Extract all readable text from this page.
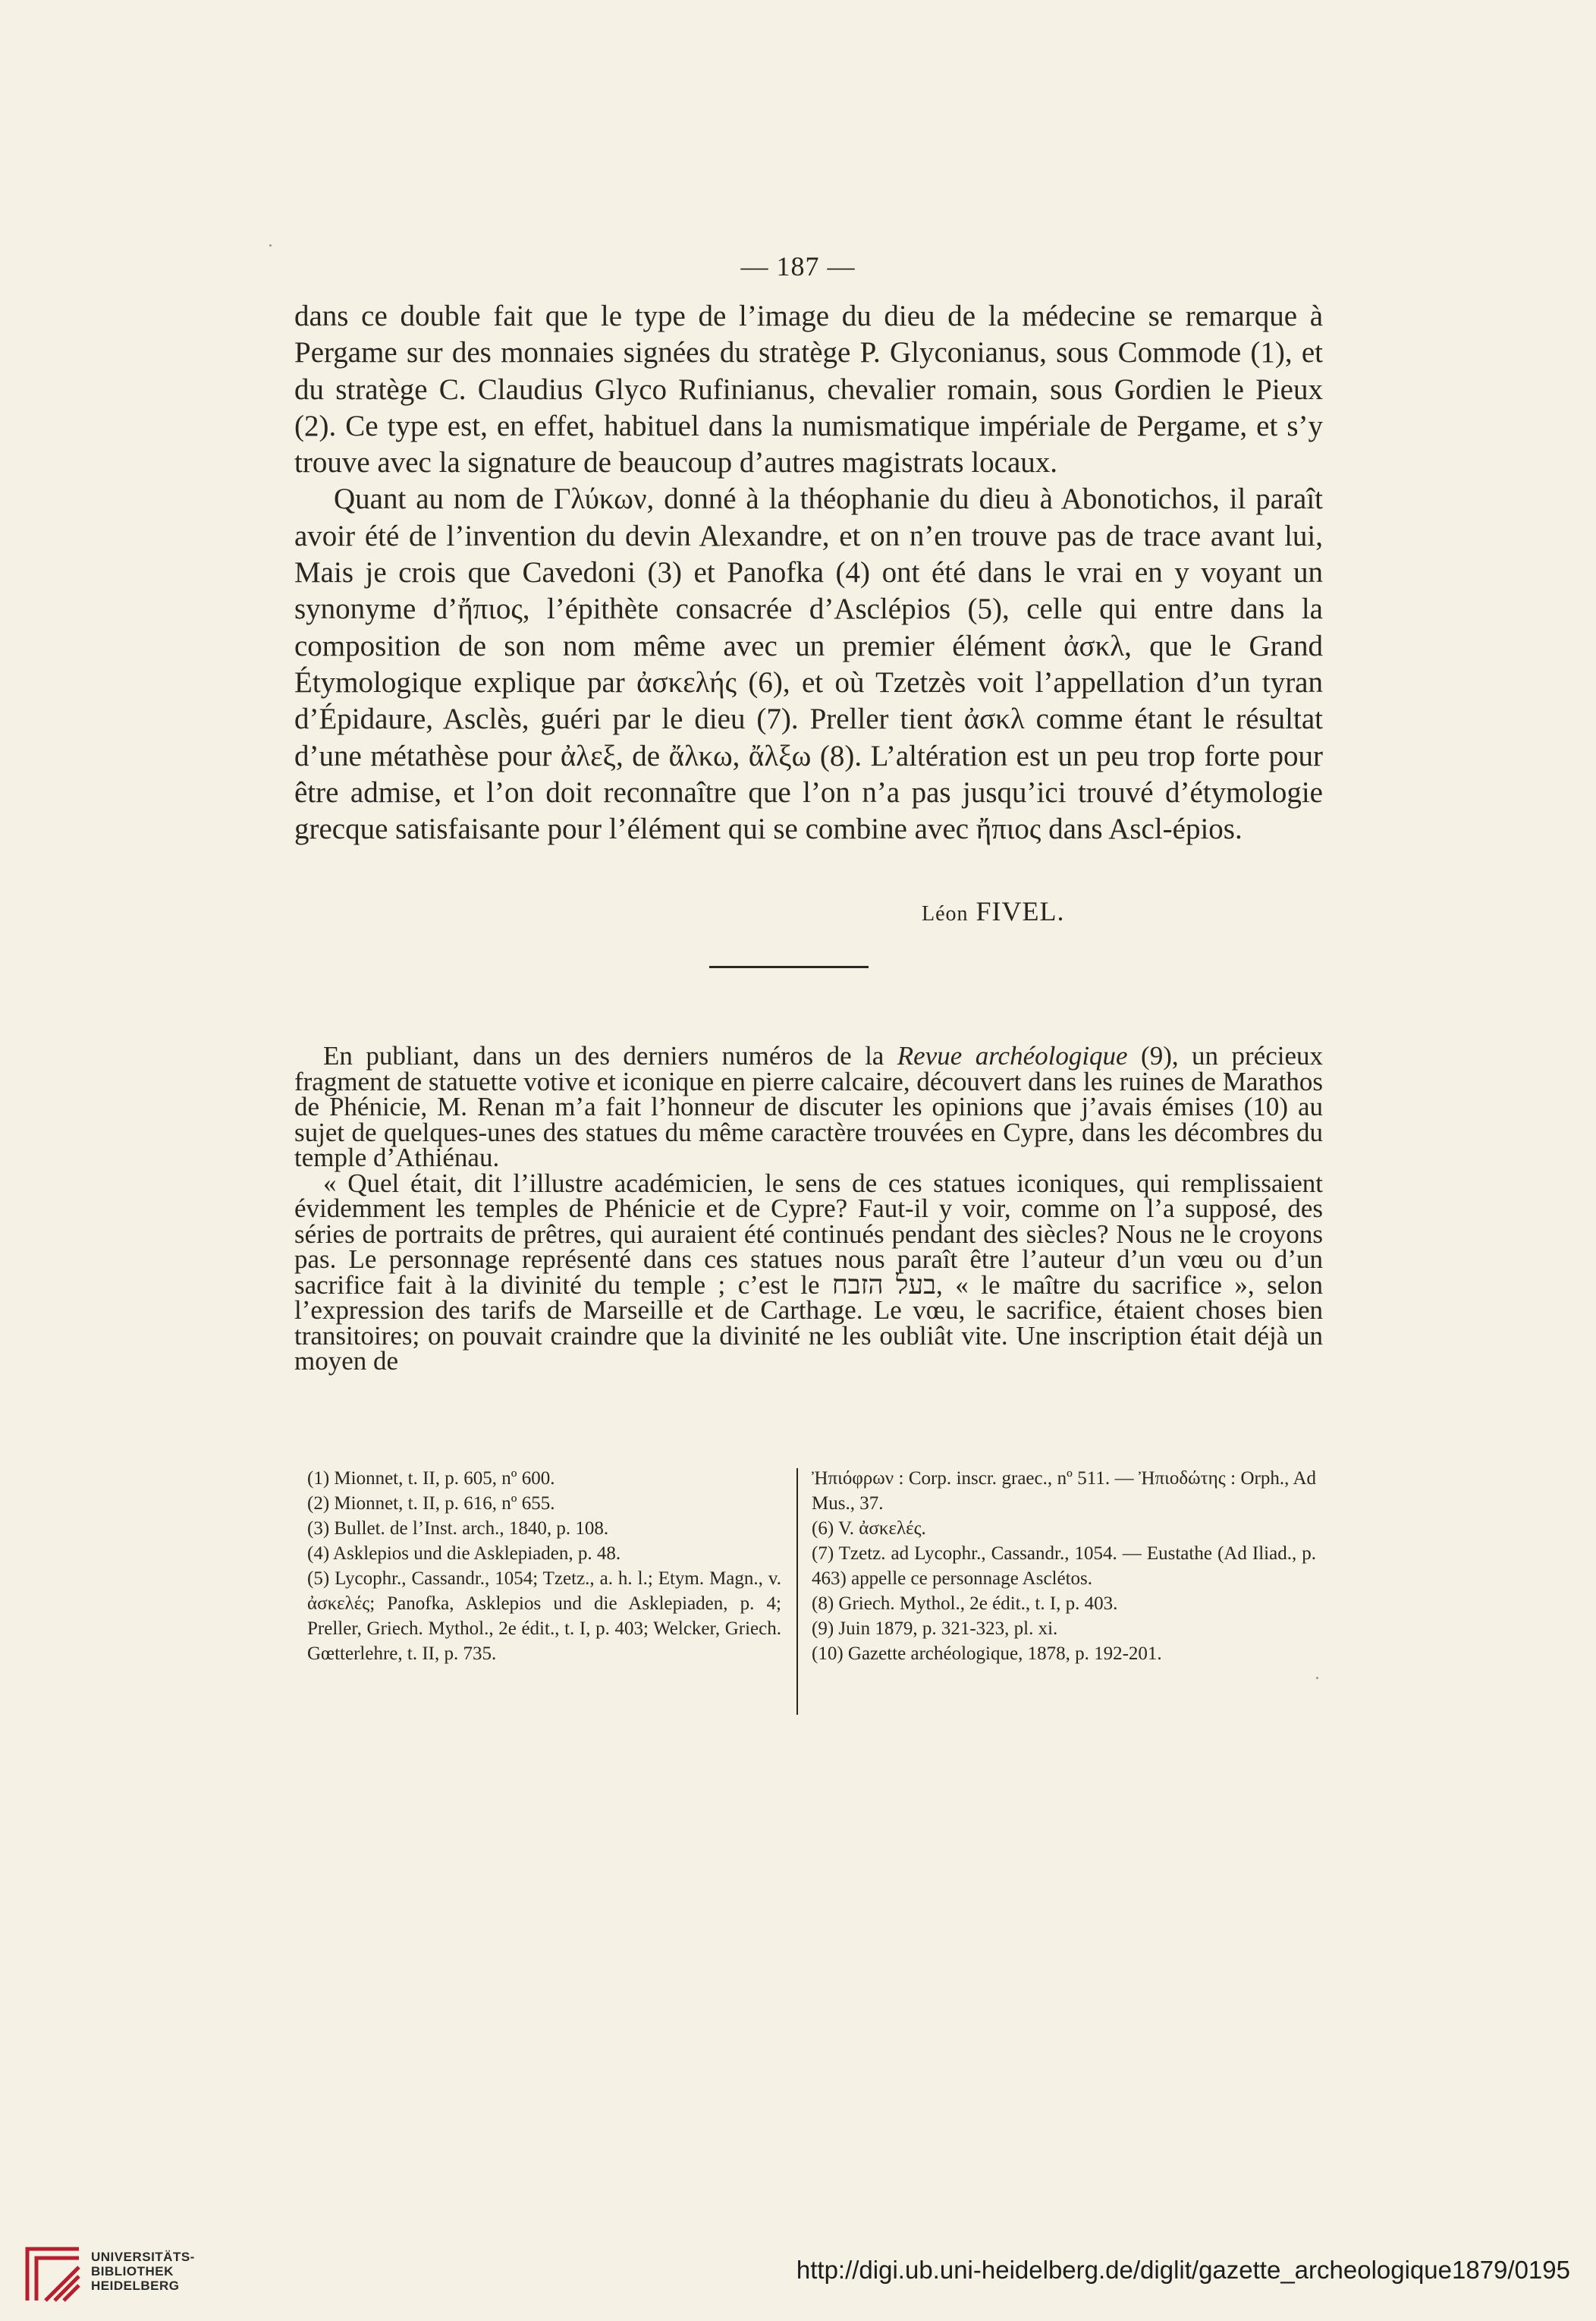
— 187 —

dans ce double fait que le type de l’image du dieu de la médecine se remarque à Pergame sur des monnaies signées du stratège P. Glyconianus, sous Commode (1), et du stratège C. Claudius Glyco Rufinianus, chevalier romain, sous Gordien le Pieux (2). Ce type est, en effet, habituel dans la numismatique impériale de Pergame, et s’y trouve avec la signature de beaucoup d’autres magistrats locaux.

Quant au nom de Γλύκων, donné à la théophanie du dieu à Abonotichos, il paraît avoir été de l’invention du devin Alexandre, et on n’en trouve pas de trace avant lui, Mais je crois que Cavedoni (3) et Panofka (4) ont été dans le vrai en y voyant un synonyme d’ἤπιος, l’épithète consacrée d’Asclépios (5), celle qui entre dans la composition de son nom même avec un premier élément ἀσκλ, que le Grand Étymologique explique par ἀσκελής (6), et où Tzetzès voit l’appellation d’un tyran d’Épidaure, Asclès, guéri par le dieu (7). Preller tient ἀσκλ comme étant le résultat d’une métathèse pour ἀλεξ, de ἄλκω, ἄλξω (8). L’altération est un peu trop forte pour être admise, et l’on doit reconnaître que l’on n’a pas jusqu’ici trouvé d’étymologie grecque satisfaisante pour l’élément qui se combine avec ἤπιος dans Ascl-épios.

Léon FIVEL.

En publiant, dans un des derniers numéros de la Revue archéologique (9), un précieux fragment de statuette votive et iconique en pierre calcaire, découvert dans les ruines de Marathos de Phénicie, M. Renan m’a fait l’honneur de discuter les opinions que j’avais émises (10) au sujet de quelques-unes des statues du même caractère trouvées en Cypre, dans les décombres du temple d’Athiénau.

« Quel était, dit l’illustre académicien, le sens de ces statues iconiques, qui remplissaient évidemment les temples de Phénicie et de Cypre? Faut-il y voir, comme on l’a supposé, des séries de portraits de prêtres, qui auraient été continués pendant des siècles? Nous ne le croyons pas. Le personnage représenté dans ces statues nous paraît être l’auteur d’un vœu ou d’un sacrifice fait à la divinité du temple ; c’est le בעל הזבח, « le maître du sacrifice », selon l’expression des tarifs de Marseille et de Carthage. Le vœu, le sacrifice, étaient choses bien transitoires; on pouvait craindre que la divinité ne les oubliât vite. Une inscription était déjà un moyen de

(1) Mionnet, t. II, p. 605, nº 600.
(2) Mionnet, t. II, p. 616, nº 655.
(3) Bullet. de l’Inst. arch., 1840, p. 108.
(4) Asklepios und die Asklepiaden, p. 48.
(5) Lycophr., Cassandr., 1054; Tzetz., a. h. l.; Etym. Magn., v. ἀσκελές; Panofka, Asklepios und die Asklepiaden, p. 4; Preller, Griech. Mythol., 2e édit., t. I, p. 403; Welcker, Griech. Gœtterlehre, t. II, p. 735.
Ἠπιόφρων : Corp. inscr. graec., nº 511. — Ἠπιοδώτης : Orph., Ad Mus., 37.
(6) V. ἀσκελές.
(7) Tzetz. ad Lycophr., Cassandr., 1054. — Eustathe (Ad Iliad., p. 463) appelle ce personnage Asclétos.
(8) Griech. Mythol., 2e édit., t. I, p. 403.
(9) Juin 1879, p. 321-323, pl. xi.
(10) Gazette archéologique, 1878, p. 192-201.
UNIVERSITÄTS-
BIBLIOTHEK
HEIDELBERG
http://digi.ub.uni-heidelberg.de/diglit/gazette_archeologique1879/0195
